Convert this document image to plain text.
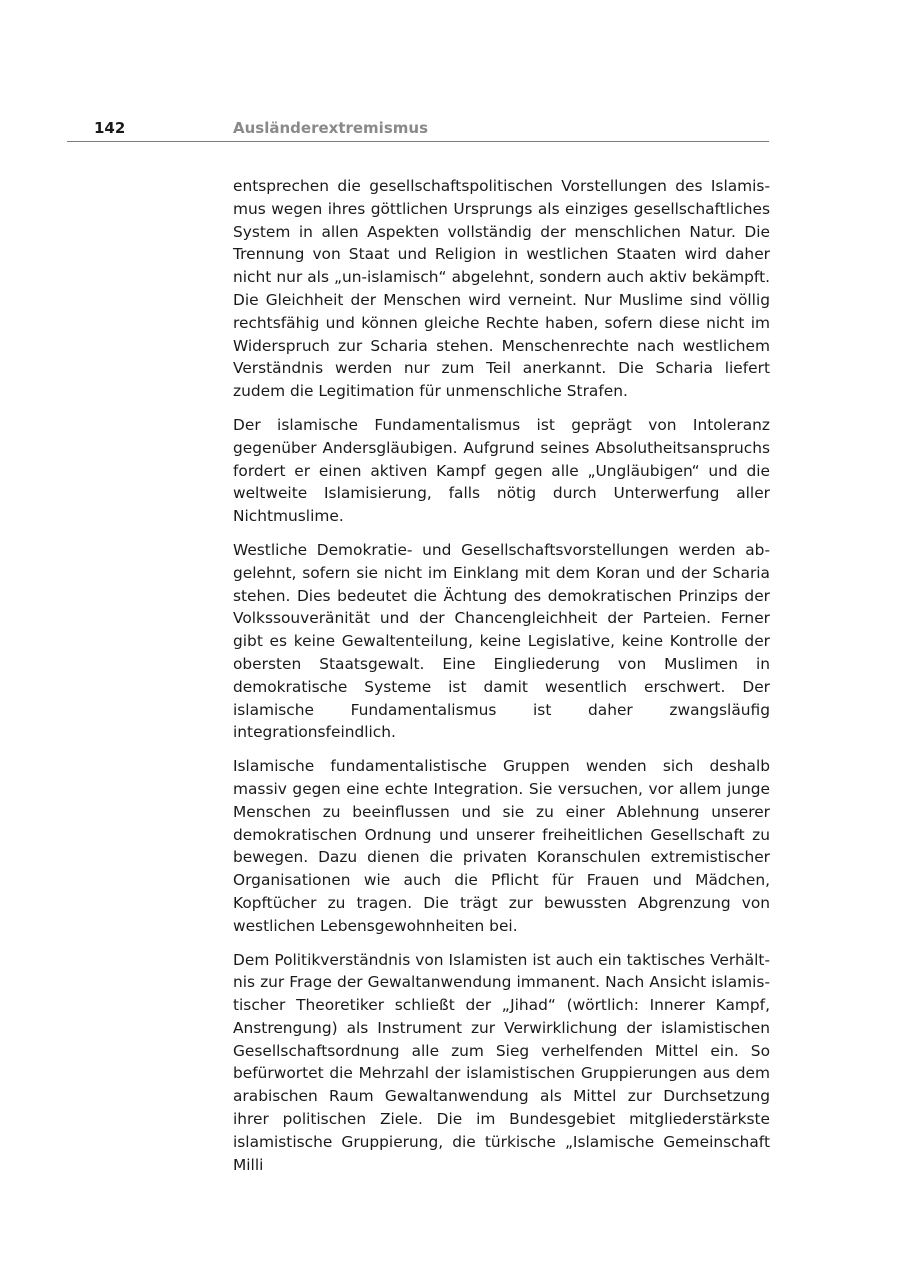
142	Ausländerextremismus

entsprechen die gesellschaftspolitischen Vorstellungen des Islamismus wegen ihres göttlichen Ursprungs als einziges gesellschaftliches System in allen Aspekten vollständig der menschlichen Natur. Die Trennung von Staat und Religion in westlichen Staaten wird daher nicht nur als „un-islamisch“ abgelehnt, sondern auch aktiv bekämpft. Die Gleichheit der Menschen wird verneint. Nur Muslime sind völlig rechtsfähig und können gleiche Rechte haben, sofern diese nicht im Widerspruch zur Scharia stehen. Menschenrechte nach westlichem Verständnis werden nur zum Teil anerkannt. Die Scharia liefert zudem die Legitimation für unmenschliche Strafen.

Der islamische Fundamentalismus ist geprägt von Intoleranz gegenüber Andersgläubigen. Aufgrund seines Absolutheitsanspruchs fordert er einen aktiven Kampf gegen alle „Ungläubigen“ und die weltweite Islamisierung, falls nötig durch Unterwerfung aller Nichtmuslime.

Westliche Demokratie- und Gesellschaftsvorstellungen werden abgelehnt, sofern sie nicht im Einklang mit dem Koran und der Scharia stehen. Dies bedeutet die Ächtung des demokratischen Prinzips der Volkssouveränität und der Chancengleichheit der Parteien. Ferner gibt es keine Gewaltenteilung, keine Legislative, keine Kontrolle der obersten Staatsgewalt. Eine Eingliederung von Muslimen in demokratische Systeme ist damit wesentlich erschwert. Der islamische Fundamentalismus ist daher zwangsläufig integrationsfeindlich.

Islamische fundamentalistische Gruppen wenden sich deshalb massiv gegen eine echte Integration. Sie versuchen, vor allem junge Menschen zu beeinflussen und sie zu einer Ablehnung unserer demokratischen Ordnung und unserer freiheitlichen Gesellschaft zu bewegen. Dazu dienen die privaten Koranschulen extremistischer Organisationen wie auch die Pflicht für Frauen und Mädchen, Kopftücher zu tragen. Die trägt zur bewussten Abgrenzung von westlichen Lebensgewohnheiten bei.

Dem Politikverständnis von Islamisten ist auch ein taktisches Verhältnis zur Frage der Gewaltanwendung immanent. Nach Ansicht islamistischer Theoretiker schließt der „Jihad“ (wörtlich: Innerer Kampf, Anstrengung) als Instrument zur Verwirklichung der islamistischen Gesellschaftsordnung alle zum Sieg verhelfenden Mittel ein. So befürwortet die Mehrzahl der islamistischen Gruppierungen aus dem arabischen Raum Gewaltanwendung als Mittel zur Durchsetzung ihrer politischen Ziele. Die im Bundesgebiet mitgliederstärkste islamistische Gruppierung, die türkische „Islamische Gemeinschaft Milli
